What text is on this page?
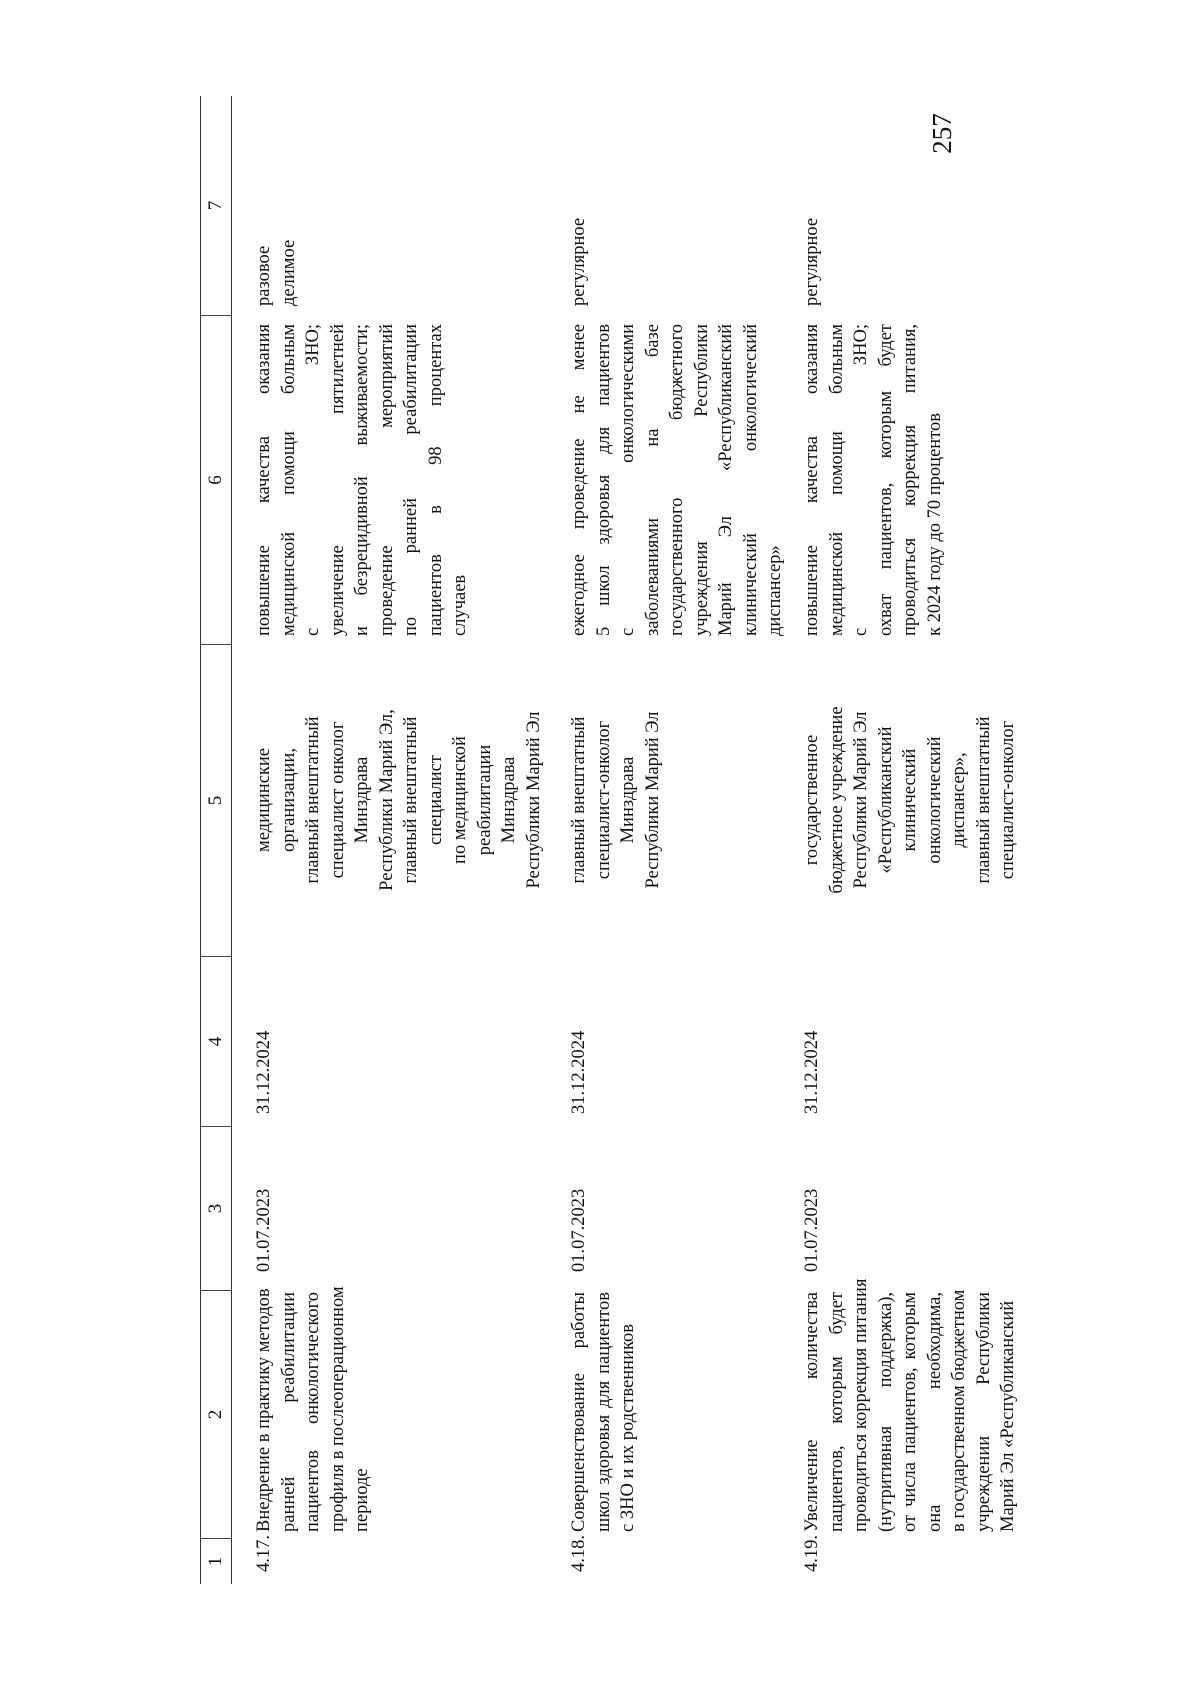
257
1
2
3
4
5
6
7
4.17.
Внедрение в практику методов ранней реабилитации пациентов онкологического профиля в послеоперационном периоде
01.07.2023
31.12.2024
медицинские организации, главный внештатный специалист онколог Минздрава Республики Марий Эл, главный внештатный специалист по медицинской реабилитации Минздрава Республики Марий Эл
повышение качества оказания медицинской помощи больным с ЗНО; увеличение пятилетней и безрецидивной выживаемости; проведение мероприятий по ранней реабилитации пациентов в 98 процентах случаев
разовое делимое
4.18.
Совершенствование работы школ здоровья для пациентов с ЗНО и их родственников
01.07.2023
31.12.2024
главный внештатный специалист-онколог Минздрава Республики Марий Эл
ежегодное проведение не менее 5 школ здоровья для пациентов с онкологическими заболеваниями на базе государственного бюджетного учреждения Республики Марий Эл «Республиканский клинический онкологический диспансер»
регулярное
4.19.
Увеличение количества пациентов, которым будет проводиться коррекция питания (нутритивная поддержка), от числа пациентов, которым она необходима, в государственном бюджетном учреждении Республики Марий Эл «Республиканский
01.07.2023
31.12.2024
государственное бюджетное учреждение Республики Марий Эл «Республиканский клинический онкологический диспансер», главный внештатный специалист-онколог
повышение качества оказания медицинской помощи больным с ЗНО; охват пациентов, которым будет проводиться коррекция питания, к 2024 году до 70 процентов
регулярное
